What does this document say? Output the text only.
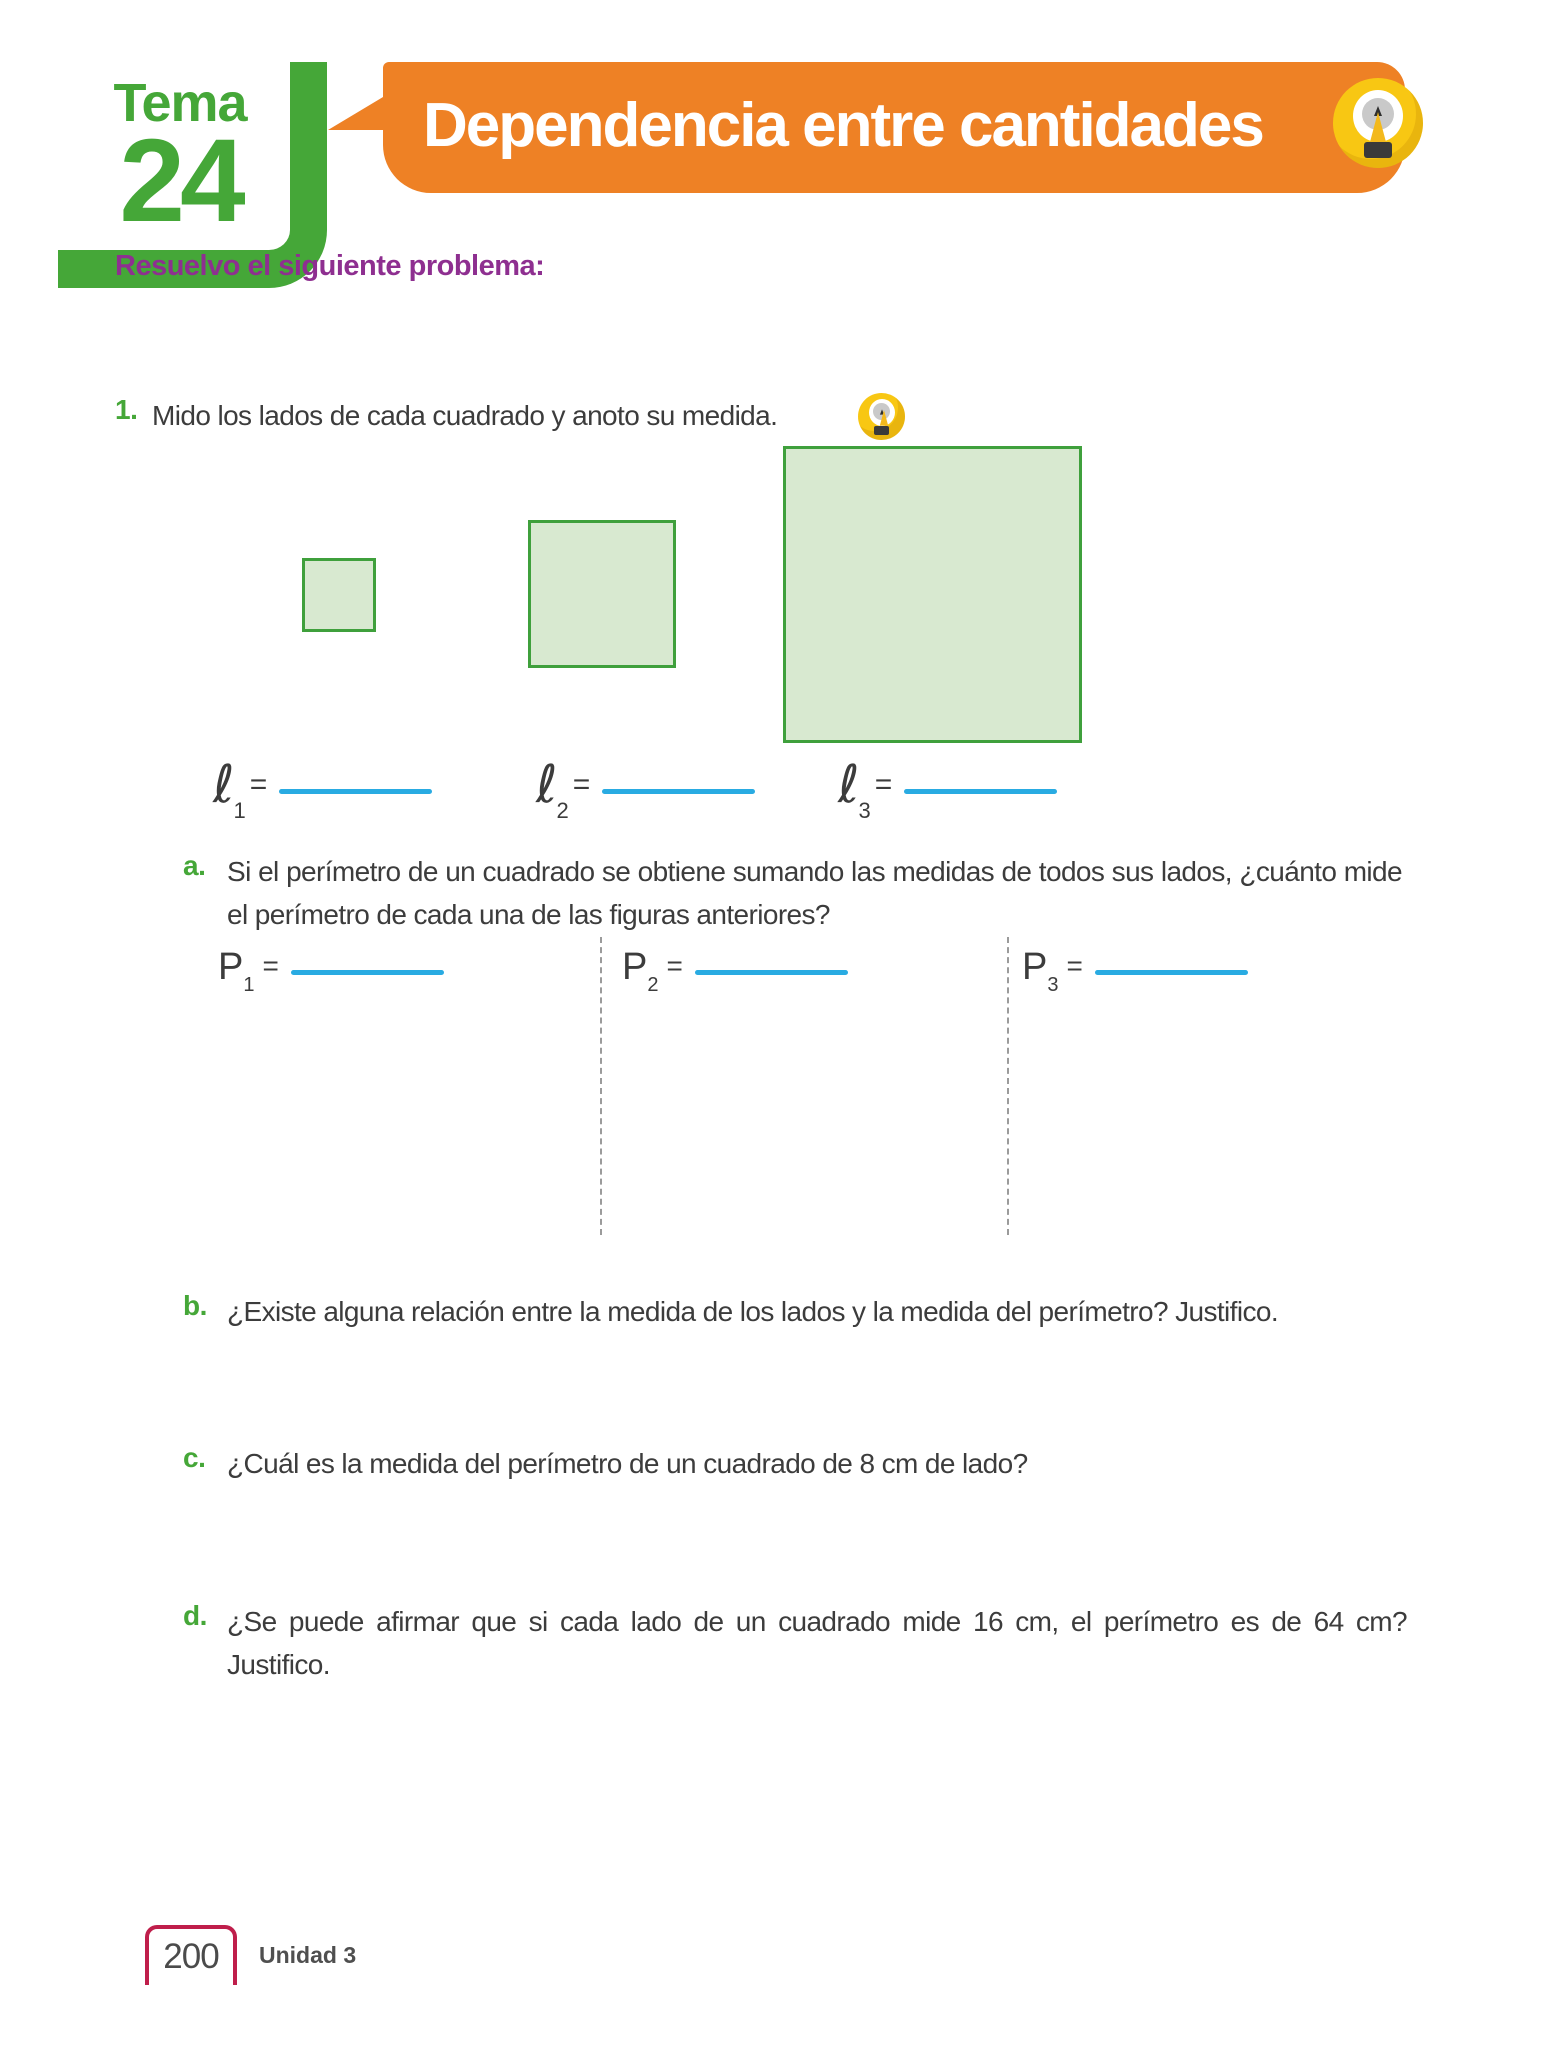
Tema
24	Dependencia entre cantidades
Resuelvo el siguiente problema:
1. Mido los lados de cada cuadrado y anoto su medida.
ℓ1=	ℓ2=	ℓ3=
a. Si el perímetro de un cuadrado se obtiene sumando las medidas de todos sus lados, ¿cuánto mide el perímetro de cada una de las figuras anteriores?
P1=	P2=	P3=
b. ¿Existe alguna relación entre la medida de los lados y la medida del perímetro? Justifico.
c. ¿Cuál es la medida del perímetro de un cuadrado de 8 cm de lado?
d. ¿Se puede afirmar que si cada lado de un cuadrado mide 16 cm, el perímetro es de 64 cm? Justifico.
200 Unidad 3
